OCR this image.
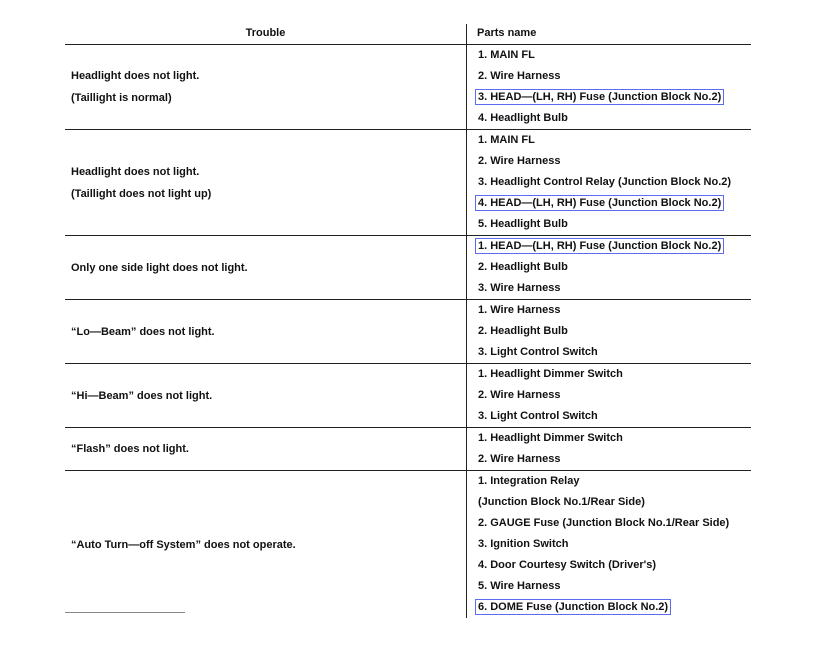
Trouble	Parts name
Headlight does not light.
(Taillight is normal)
1. MAIN FL
2. Wire Harness
3. HEAD—(LH, RH) Fuse (Junction Block No.2)
4. Headlight Bulb
Headlight does not light.
(Taillight does not light up)
1. MAIN FL
2. Wire Harness
3. Headlight Control Relay (Junction Block No.2)
4. HEAD—(LH, RH) Fuse (Junction Block No.2)
5. Headlight Bulb
Only one side light does not light.
1. HEAD—(LH, RH) Fuse (Junction Block No.2)
2. Headlight Bulb
3. Wire Harness
“Lo—Beam” does not light.
1. Wire Harness
2. Headlight Bulb
3. Light Control Switch
“Hi—Beam” does not light.
1. Headlight Dimmer Switch
2. Wire Harness
3. Light Control Switch
“Flash” does not light.
1. Headlight Dimmer Switch
2. Wire Harness
“Auto Turn—off System” does not operate.
1. Integration Relay
(Junction Block No.1/Rear Side)
2. GAUGE Fuse (Junction Block No.1/Rear Side)
3. Ignition Switch
4. Door Courtesy Switch (Driver's)
5. Wire Harness
6. DOME Fuse (Junction Block No.2)
